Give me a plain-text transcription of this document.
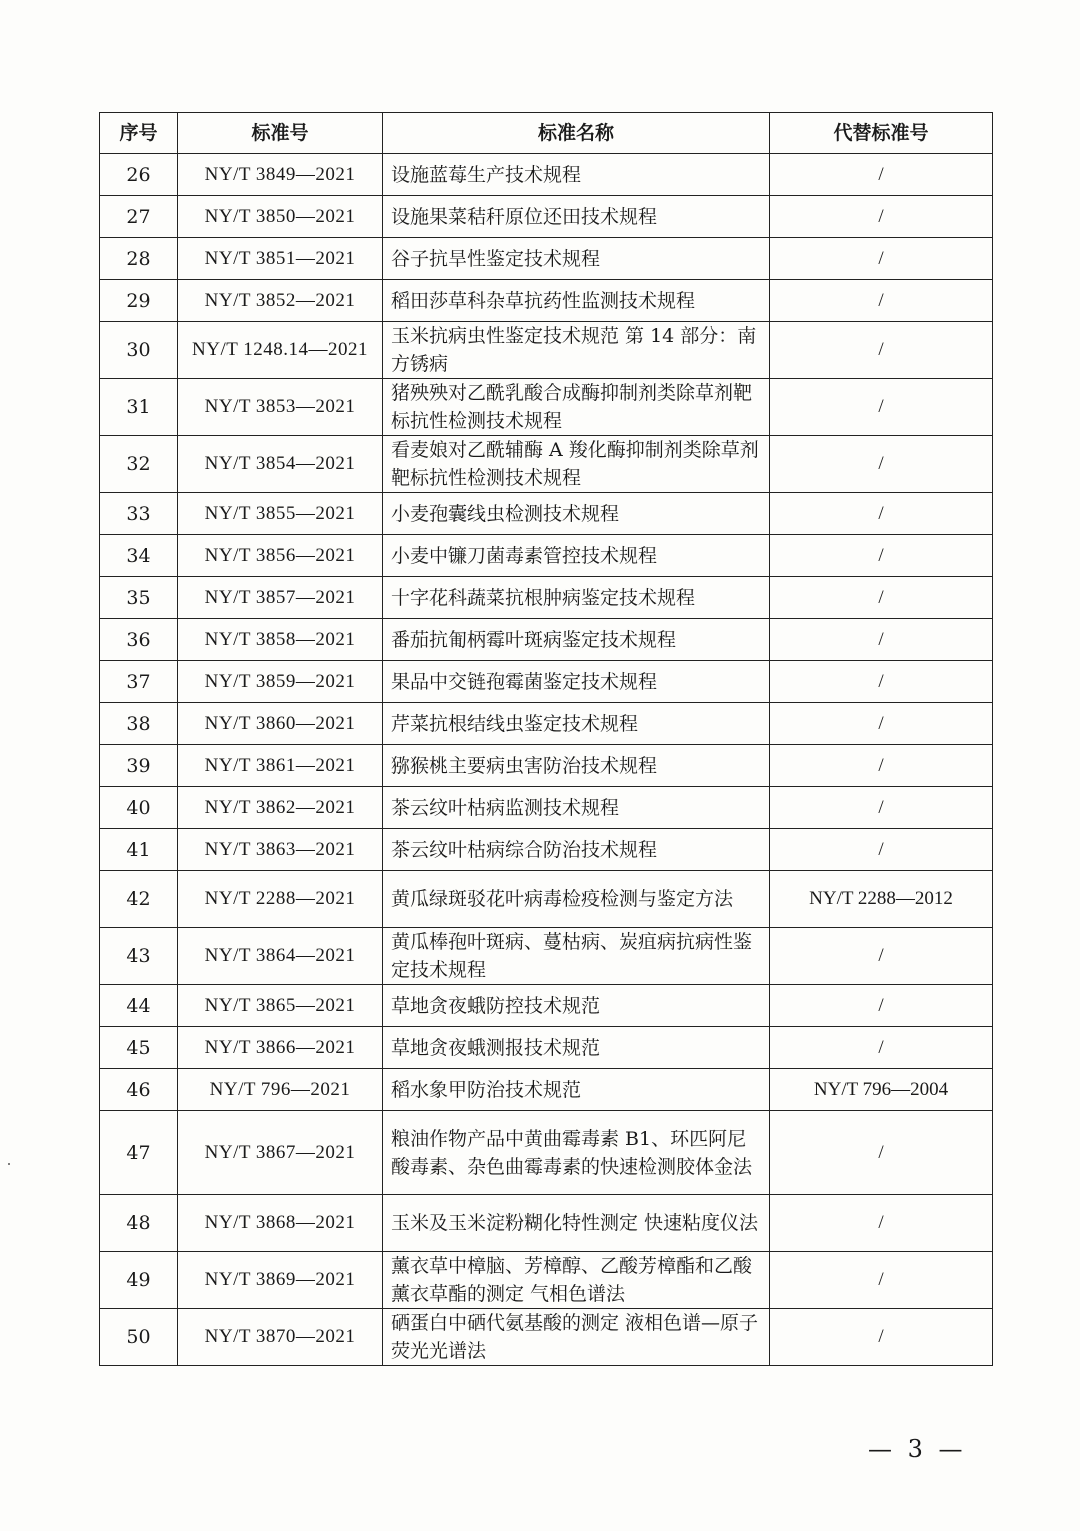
序号	标准号	标准名称	代替标准号
26	NY/T 3849—2021	设施蓝莓生产技术规程	/
27	NY/T 3850—2021	设施果菜秸秆原位还田技术规程	/
28	NY/T 3851—2021	谷子抗旱性鉴定技术规程	/
29	NY/T 3852—2021	稻田莎草科杂草抗药性监测技术规程	/
30	NY/T 1248.14—2021	玉米抗病虫性鉴定技术规范 第 14 部分：南方锈病	/
31	NY/T 3853—2021	猪殃殃对乙酰乳酸合成酶抑制剂类除草剂靶标抗性检测技术规程	/
32	NY/T 3854—2021	看麦娘对乙酰辅酶 A 羧化酶抑制剂类除草剂靶标抗性检测技术规程	/
33	NY/T 3855—2021	小麦孢囊线虫检测技术规程	/
34	NY/T 3856—2021	小麦中镰刀菌毒素管控技术规程	/
35	NY/T 3857—2021	十字花科蔬菜抗根肿病鉴定技术规程	/
36	NY/T 3858—2021	番茄抗匍柄霉叶斑病鉴定技术规程	/
37	NY/T 3859—2021	果品中交链孢霉菌鉴定技术规程	/
38	NY/T 3860—2021	芹菜抗根结线虫鉴定技术规程	/
39	NY/T 3861—2021	猕猴桃主要病虫害防治技术规程	/
40	NY/T 3862—2021	茶云纹叶枯病监测技术规程	/
41	NY/T 3863—2021	茶云纹叶枯病综合防治技术规程	/
42	NY/T 2288—2021	黄瓜绿斑驳花叶病毒检疫检测与鉴定方法	NY/T 2288—2012
43	NY/T 3864—2021	黄瓜棒孢叶斑病、蔓枯病、炭疽病抗病性鉴定技术规程	/
44	NY/T 3865—2021	草地贪夜蛾防控技术规范	/
45	NY/T 3866—2021	草地贪夜蛾测报技术规范	/
46	NY/T 796—2021	稻水象甲防治技术规范	NY/T 796—2004
47	NY/T 3867—2021	粮油作物产品中黄曲霉毒素 B1、环匹阿尼酸毒素、杂色曲霉毒素的快速检测胶体金法	/
48	NY/T 3868—2021	玉米及玉米淀粉糊化特性测定 快速粘度仪法	/
49	NY/T 3869—2021	薰衣草中樟脑、芳樟醇、乙酸芳樟酯和乙酸薰衣草酯的测定 气相色谱法	/
50	NY/T 3870—2021	硒蛋白中硒代氨基酸的测定 液相色谱—原子荧光光谱法	/
— 3 —
